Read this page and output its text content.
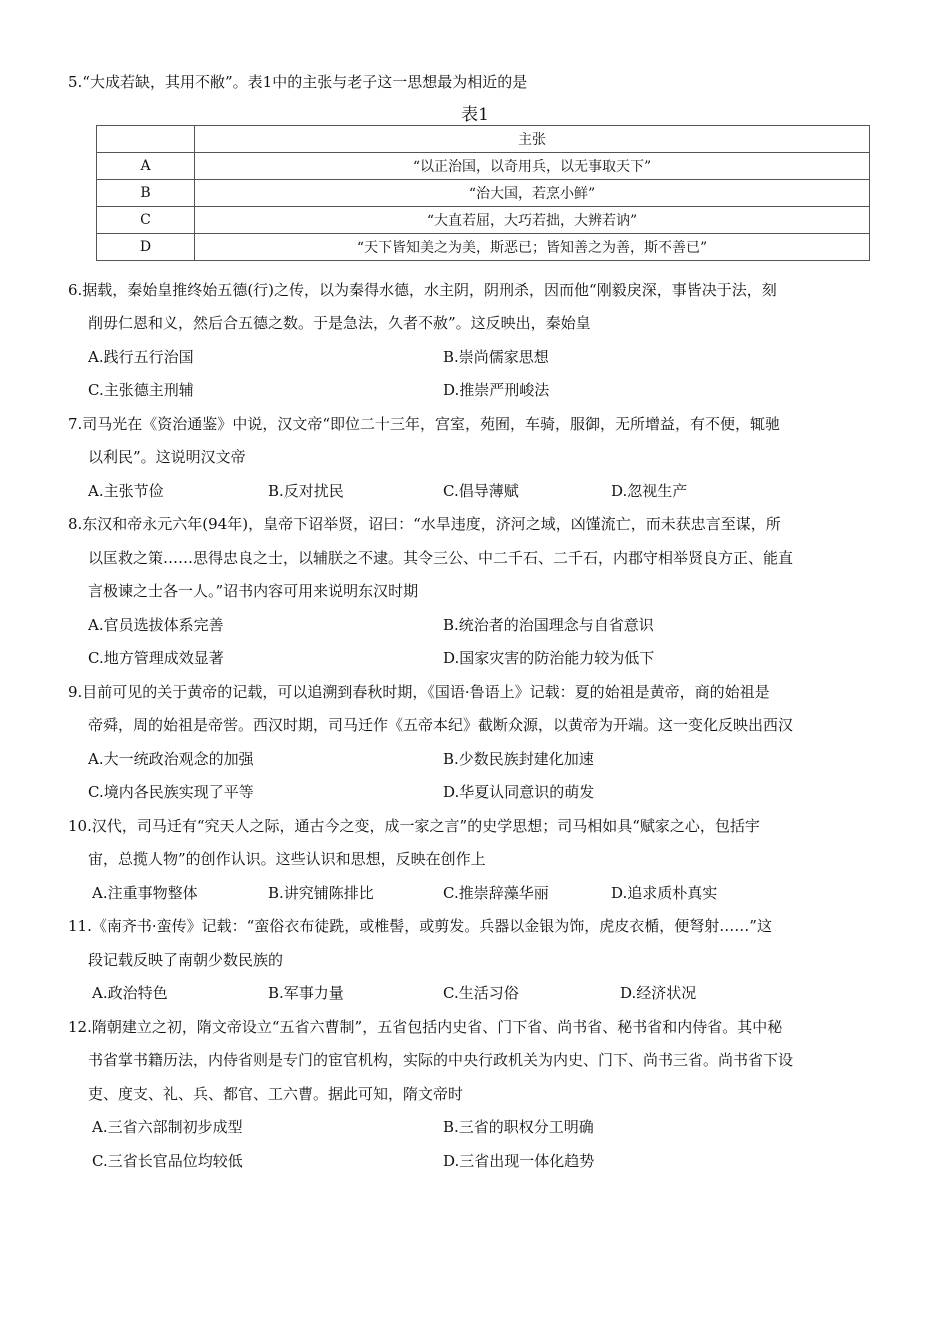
5.“大成若缺，其用不敝”。表1中的主张与老子这一思想最为相近的是
表1
	主张
A	“以正治国，以奇用兵，以无事取天下”
B	“治大国，若烹小鲜”
C	“大直若屈，大巧若拙，大辨若讷”
D	“天下皆知美之为美，斯恶已；皆知善之为善，斯不善已”
6.据载，秦始皇推终始五德(行)之传，以为秦得水德，水主阴，阴刑杀，因而他“刚毅戾深，事皆决于法，刻
削毋仁恩和义，然后合五德之数。于是急法，久者不赦”。这反映出，秦始皇
A.践行五行治国	B.崇尚儒家思想
C.主张德主刑辅	D.推崇严刑峻法
7.司马光在《资治通鉴》中说，汉文帝“即位二十三年，宫室，苑囿，车骑，服御，无所增益，有不便，辄驰
以利民”。这说明汉文帝
A.主张节俭	B.反对扰民	C.倡导薄赋	D.忽视生产
8.东汉和帝永元六年(94年)，皇帝下诏举贤，诏曰：“水旱违度，济河之域，凶馑流亡，而未获忠言至谋，所
以匡救之策……思得忠良之士，以辅朕之不逮。其令三公、中二千石、二千石，内郡守相举贤良方正、能直
言极谏之士各一人。”诏书内容可用来说明东汉时期
A.官员选拔体系完善	B.统治者的治国理念与自省意识
C.地方管理成效显著	D.国家灾害的防治能力较为低下
9.目前可见的关于黄帝的记载，可以追溯到春秋时期，《国语·鲁语上》记载：夏的始祖是黄帝，商的始祖是
帝舜，周的始祖是帝喾。西汉时期，司马迁作《五帝本纪》截断众源，以黄帝为开端。这一变化反映出西汉
A.大一统政治观念的加强	B.少数民族封建化加速
C.境内各民族实现了平等	D.华夏认同意识的萌发
10.汉代，司马迁有“究天人之际，通古今之变，成一家之言”的史学思想；司马相如具“赋家之心，包括宇
宙，总揽人物”的创作认识。这些认识和思想，反映在创作上
A.注重事物整体	B.讲究铺陈排比	C.推崇辞藻华丽	D.追求质朴真实
11.《南齐书·蛮传》记载：“蛮俗衣布徒跣，或椎髻，或剪发。兵器以金银为饰，虎皮衣楯，便弩射……”这
段记载反映了南朝少数民族的
A.政治特色	B.军事力量	C.生活习俗	D.经济状况
12.隋朝建立之初，隋文帝设立“五省六曹制”，五省包括内史省、门下省、尚书省、秘书省和内侍省。其中秘
书省掌书籍历法，内侍省则是专门的宦官机构，实际的中央行政机关为内史、门下、尚书三省。尚书省下设
吏、度支、礼、兵、都官、工六曹。据此可知，隋文帝时
A.三省六部制初步成型	B.三省的职权分工明确
C.三省长官品位均较低	D.三省出现一体化趋势
